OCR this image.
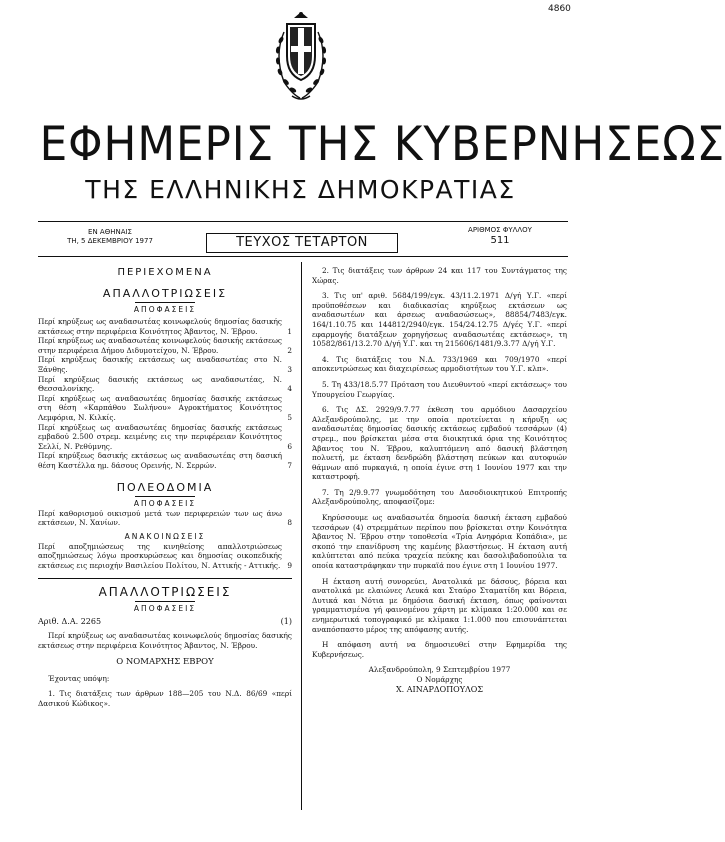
4860
ΕΦΗΜΕΡΙΣ ΤΗΣ ΚΥΒΕΡΝΗΣΕΩΣ
ΤΗΣ ΕΛΛΗΝΙΚΗΣ ΔΗΜΟΚΡΑΤΙΑΣ
ΕΝ ΑΘΗΝΑΙΣ
ΤΗ, 5 ΔΕΚΕΜΒΡΙΟΥ 1977	ΤΕΥΧΟΣ ΤΕΤΑΡΤΟΝ
ΑΡΙΘΜΟΣ ΦΥΛΛΟΥ
511
ΠΕΡΙΕΧΟΜΕΝΑ
ΑΠΑΛΛΟΤΡΙΩΣΕΙΣ
ΑΠΟΦΑΣΕΙΣ
Περί κηρύξεως ως αναδασωτέας κοινωφελούς δημοσίας δασικής εκτάσεως στην περιφέρεια Κοινότητος Άβαντος, Ν. Έβρου.	1
Περί κηρύξεως ως αναδασωτέας κοινωφελούς δασικής εκτάσεως στην περιφέρεια Δήμου Διδυμοτείχου, Ν. Έβρου.	2
Περί κηρύξεως δασικής εκτάσεως ως αναδασωτέας στο Ν. Ξάνθης.	3
Περί κηρύξεως δασικής εκτάσεως ως αναδασωτέας, Ν. Θεσσαλονίκης.	4
Περί κηρύξεως ως αναδασωτέας δημοσίας δασικής εκτάσεως στη θέση «Καρπάθου Σωλήνου» Αγροκτήματος Κοινότητος Λεμφόρια, Ν. Κιλκίς.	5
Περί κηρύξεως ως αναδασωτέας δημοσίας δασικής εκτάσεως εμβαδού 2.500 στρεμ. κειμένης εις την περιφέρειαν Κοινότητος Σελλί, Ν. Ρεθύμνης.	6
Περί κηρύξεως δασικής εκτάσεως ως αναδασωτέας στη δασική θέση Καστέλλα ημ. δάσους Ορεινής, Ν. Σερρών.	7
ΠΟΛΕΟΔΟΜΙΑ
ΑΠΟΦΑΣΕΙΣ
Περί καθορισμού οικισμού μετά των περιφερειών των ως άνω εκτάσεων, Ν. Χανίων.	8
ΑΝΑΚΟΙΝΩΣΕΙΣ
Περί αποζημιώσεως της κινηθείσης απαλλοτριώσεως αποζημιώσεως λόγω προσκυρώσεως και δημοσίας οικοπεδικής εκτάσεως εις περιοχήν Βασιλείου Πολίτου, Ν. Αττικής - Αττικής. 9
ΑΠΑΛΛΟΤΡΙΩΣΕΙΣ
ΑΠΟΦΑΣΕΙΣ
Αριθ. Δ.Α. 2265	(1)
Περί κηρύξεως ως αναδασωτέας κοινωφελούς δημοσίας δασικής εκτάσεως στην περιφέρεια Κοινότητος Άβαντος, Ν. Έβρου.
Ο ΝΟΜΑΡΧΗΣ ΕΒΡΟΥ
Έχοντας υπόψη:
1. Τις διατάξεις των άρθρων 188—205 του Ν.Δ. 86/69 «περί Δασικού Κώδικος».
2. Τις διατάξεις των άρθρων 24 και 117 του Συντάγματος της Χώρας.
3. Τις υπ' αριθ. 5684/199/εγκ. 43/11.2.1971 Δ/γή Υ.Γ. «περί προϋποθέσεων και διαδικασίας κηρύξεως εκτάσεων ως αναδασωτέων και άρσεως αναδασώσεως», 88854/7483/εγκ. 164/1.10.75 και 144812/2940/εγκ. 154/24.12.75 Δ/γές Υ.Γ. «περί εφαρμογής διατάξεων χορηγήσεως αναδασωτέας εκτάσεως», τη 10582/861/13.2.70 Δ/γή Υ.Γ. και τη 215606/1481/9.3.77 Δ/γή Υ.Γ.
4. Τις διατάξεις του Ν.Δ. 733/1969 και 709/1970 «περί αποκεντρώσεως και διαχειρίσεως αρμοδιοτήτων του Υ.Γ. κλπ».
5. Τη 433/18.5.77 Πρόταση του Διευθυντού «περί εκτάσεως» του Υπουργείου Γεωργίας.
6. Τις ΔΣ. 2929/9.7.77 έκθεση του αρμόδιου Δασαρχείου Αλεξανδρούπολης, με την οποία προτείνεται η κήρυξη ως αναδασωτέας δημοσίας δασικής εκτάσεως εμβαδού τεσσάρων (4) στρεμ., που βρίσκεται μέσα στα διοικητικά όρια της Κοινότητος Άβαντος του Ν. Έβρου, καλυπτόμενη από δασική βλάστηση πολυετή, με έκταση δενδρώδη βλάστηση πεύκων και αυτοφυών θάμνων από πυρκαγιά, η οποία έγινε στη 1 Ιουνίου 1977 και την καταστροφή.
7. Τη 2/9.9.77 γνωμοδότηση του Δασοδιοικητικού Επιτροπής Αλεξανδρούπολης, αποφασίζομε:
Κηρύσσουμε ως αναδασωτέα δημοσία δασική έκταση εμβαδού τεσσάρων (4) στρεμμάτων περίπου που βρίσκεται στην Κοινότητα Άβαντος Ν. Έβρου στην τοποθεσία «Τρία Ανηφόρια Κοπάδια», με σκοπό την επανίδρυση της καμένης βλαστήσεως. Η έκταση αυτή καλύπτεται από πεύκα τραχεία πεύκης και δασολιβαδοπούλια τα οποία καταστράφηκαν την πυρκαϊά που έγινε στη 1 Ιουνίου 1977.
Η έκταση αυτή συνορεύει, Ανατολικά με δάσους, βόρεια και ανατολικά με ελαιώνες Λευκά και Σταύρο Σταματίδη και Βόρεια, Δυτικά και Νότια με δημόσια δασική έκταση, όπως φαίνονται γραμματισμένα γή φαινομένου χάρτη με κλίμακα 1:20.000 και σε ενημερωτικά τοπογραφικό με κλίμακα 1:1.000 που επισυνάπτεται αναπόσπαστο μέρος της απόφασης αυτής.
Η απόφαση αυτή να δημοσιευθεί στην Εφημερίδα της Κυβερνήσεως.
Αλεξανδρούπολη, 9 Σεπτεμβρίου 1977
Ο Νομάρχης
Χ. ΑΙΝΑΡΔΟΠΟΥΛΟΣ
